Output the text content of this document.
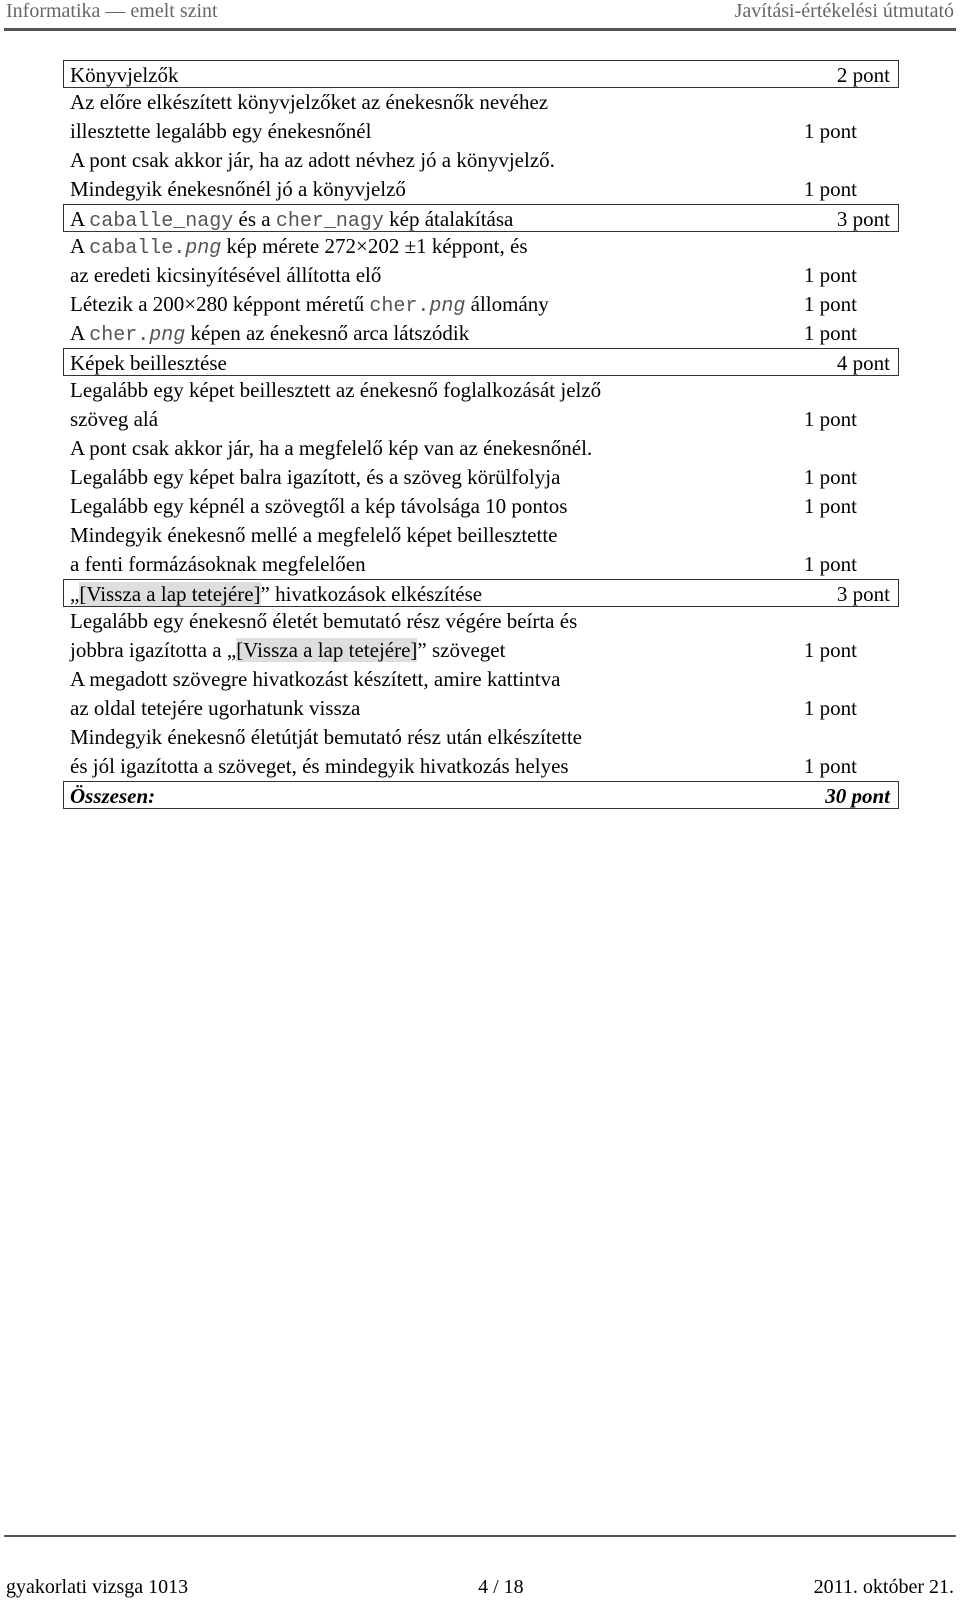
Informatika — emelt szint	Javítási-értékelési útmutató
Könyvjelzők	2 pont
Az előre elkészített könyvjelzőket az énekesnők nevéhez
illesztette legalább egy énekesnőnél	1 pont
A pont csak akkor jár, ha az adott névhez jó a könyvjelző.
Mindegyik énekesnőnél jó a könyvjelző	1 pont
A caballe_nagy és a cher_nagy kép átalakítása	3 pont
A caballe.png kép mérete 272×202 ±1 képpont, és
az eredeti kicsinyítésével állította elő	1 pont
Létezik a 200×280 képpont méretű cher.png állomány	1 pont
A cher.png képen az énekesnő arca látszódik	1 pont
Képek beillesztése	4 pont
Legalább egy képet beillesztett az énekesnő foglalkozását jelző
szöveg alá	1 pont
A pont csak akkor jár, ha a megfelelő kép van az énekesnőnél.
Legalább egy képet balra igazított, és a szöveg körülfolyja	1 pont
Legalább egy képnél a szövegtől a kép távolsága 10 pontos	1 pont
Mindegyik énekesnő mellé a megfelelő képet beillesztette
a fenti formázásoknak megfelelően	1 pont
„[Vissza a lap tetejére]” hivatkozások elkészítése	3 pont
Legalább egy énekesnő életét bemutató rész végére beírta és
jobbra igazította a „[Vissza a lap tetejére]” szöveget	1 pont
A megadott szövegre hivatkozást készített, amire kattintva
az oldal tetejére ugorhatunk vissza	1 pont
Mindegyik énekesnő életútját bemutató rész után elkészítette
és jól igazította a szöveget, és mindegyik hivatkozás helyes	1 pont
Összesen:	30 pont
gyakorlati vizsga 1013	4 / 18	2011. október 21.
